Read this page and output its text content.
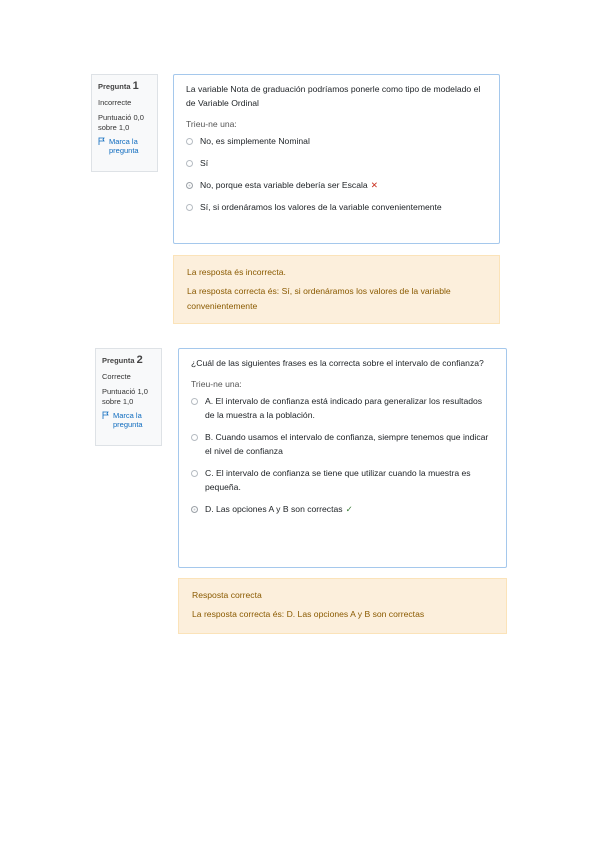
Pregunta 1
Incorrecte
Puntuació 0,0 sobre 1,0
Marca la pregunta
La variable Nota de graduación podríamos ponerle como tipo de modelado el de Variable Ordinal
Trieu-ne una:
No, es simplemente Nominal
Sí
No, porque esta variable debería ser Escala ✕
Sí, si ordenáramos los valores de la variable convenientemente
La resposta és incorrecta.
La resposta correcta és: Sí, si ordenáramos los valores de la variable convenientemente
Pregunta 2
Correcte
Puntuació 1,0 sobre 1,0
Marca la pregunta
¿Cuál de las siguientes frases es la correcta sobre el intervalo de confianza?
Trieu-ne una:
A. El intervalo de confianza está indicado para generalizar los resultados de la muestra a la población.
B. Cuando usamos el intervalo de confianza, siempre tenemos que indicar el nivel de confianza
C. El intervalo de confianza se tiene que utilizar cuando la muestra es pequeña.
D. Las opciones A y B son correctas ✓
Resposta correcta
La resposta correcta és: D. Las opciones A y B son correctas
